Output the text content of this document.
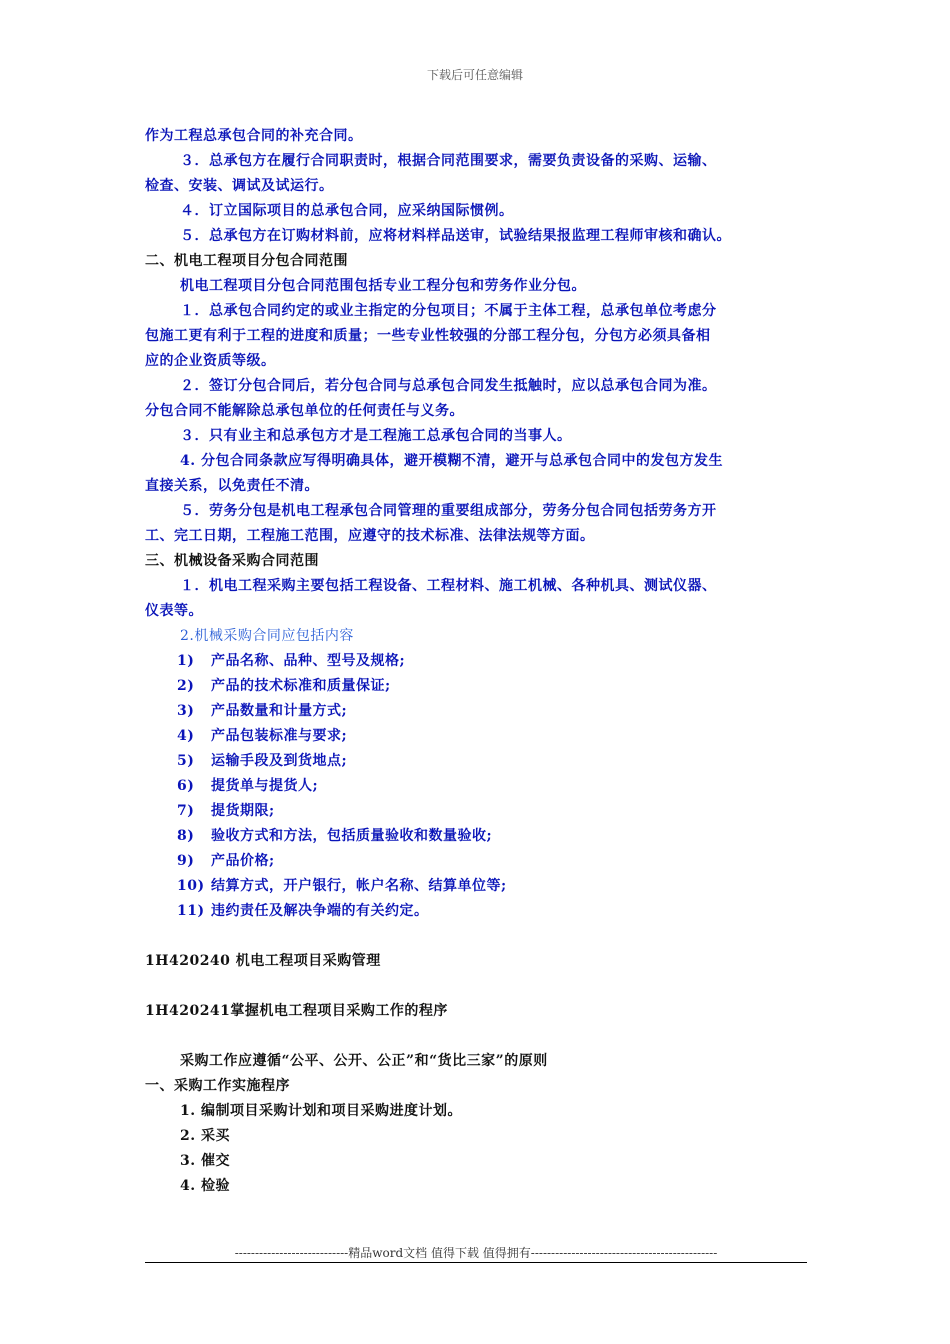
下载后可任意编辑
作为工程总承包合同的补充合同。
３．总承包方在履行合同职责时，根据合同范围要求，需要负责设备的采购、运输、
检查、安装、调试及试运行。
４．订立国际项目的总承包合同，应采纳国际惯例。
５．总承包方在订购材料前，应将材料样品送审，试验结果报监理工程师审核和确认。
二、机电工程项目分包合同范围
机电工程项目分包合同范围包括专业工程分包和劳务作业分包。
１．总承包合同约定的或业主指定的分包项目；不属于主体工程，总承包单位考虑分
包施工更有利于工程的进度和质量；一些专业性较强的分部工程分包，分包方必须具备相
应的企业资质等级。
２．签订分包合同后，若分包合同与总承包合同发生抵触时，应以总承包合同为准。
分包合同不能解除总承包单位的任何责任与义务。
３．只有业主和总承包方才是工程施工总承包合同的当事人。
4. 分包合同条款应写得明确具体，避开模糊不清，避开与总承包合同中的发包方发生
直接关系，以免责任不清。
５．劳务分包是机电工程承包合同管理的重要组成部分，劳务分包合同包括劳务方开
工、完工日期，工程施工范围，应遵守的技术标准、法律法规等方面。
三、机械设备采购合同范围
１．机电工程采购主要包括工程设备、工程材料、施工机械、各种机具、测试仪器、
仪表等。
2.机械采购合同应包括内容
1) 产品名称、品种、型号及规格;
2) 产品的技术标准和质量保证;
3) 产品数量和计量方式;
4) 产品包装标准与要求;
5) 运输手段及到货地点;
6) 提货单与提货人;
7) 提货期限;
8) 验收方式和方法，包括质量验收和数量验收;
9) 产品价格;
10) 结算方式，开户银行，帐户名称、结算单位等;
11) 违约责任及解决争端的有关约定。
1H420240 机电工程项目采购管理
1H420241掌握机电工程项目采购工作的程序
采购工作应遵循“公平、公开、公正”和“货比三家”的原则
一、采购工作实施程序
1. 编制项目采购计划和项目采购进度计划。
2. 采买
3. 催交
4. 检验
----------------------------精品word文档 值得下载 值得拥有----------------------------------------------
